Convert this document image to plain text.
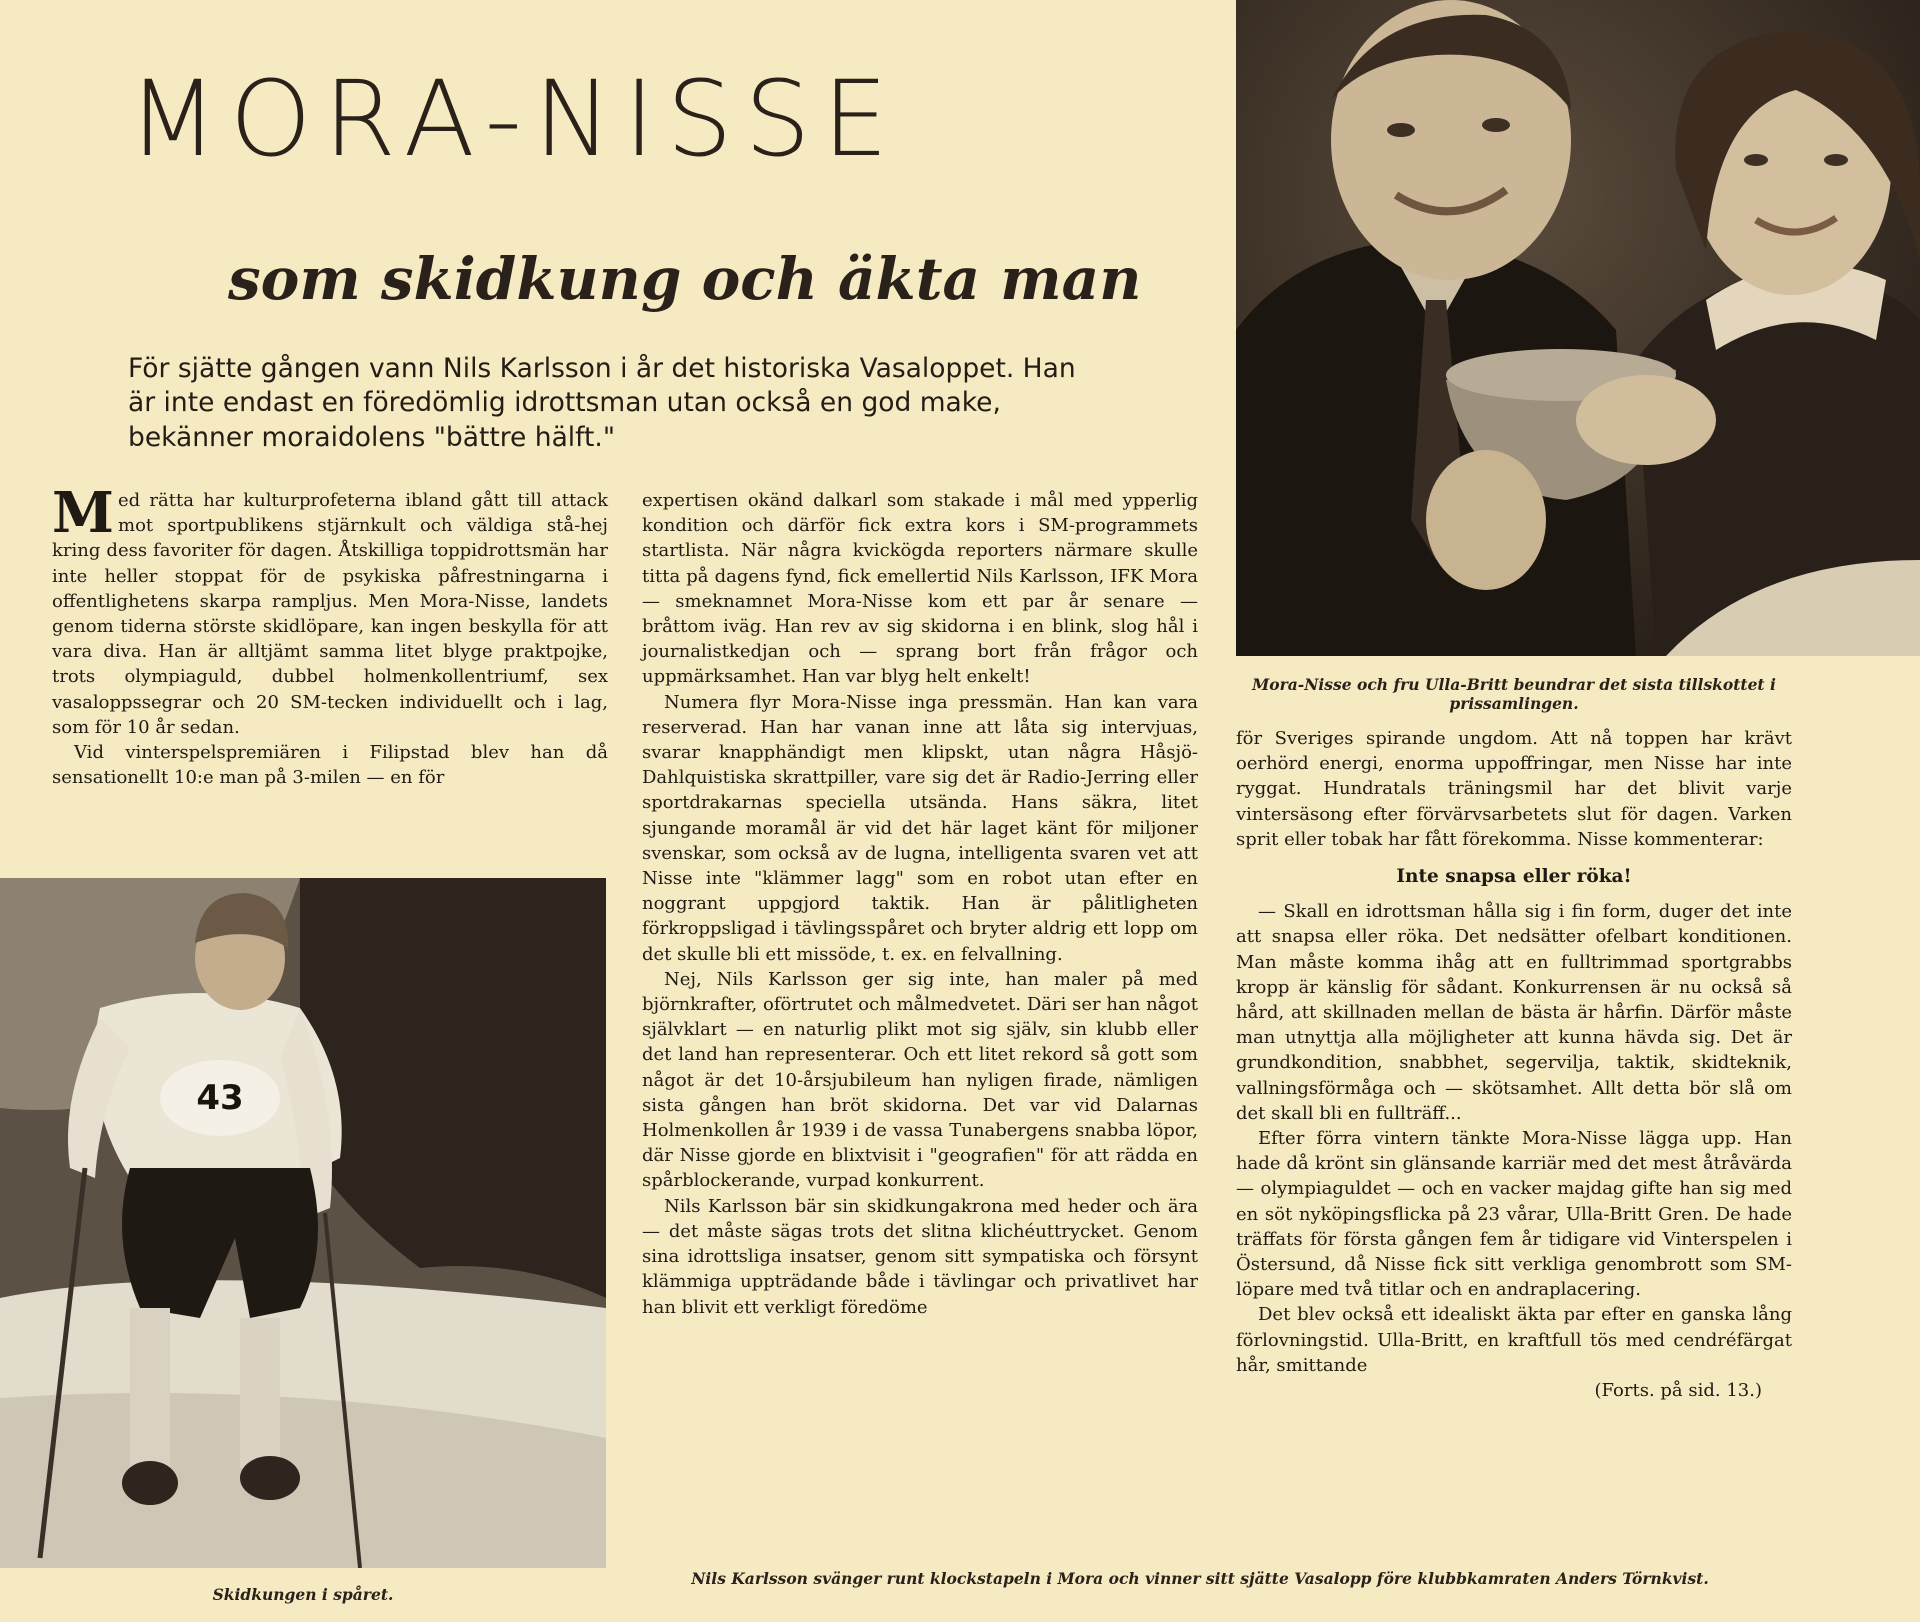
MORA-NISSE
som skidkung och äkta man
För sjätte gången vann Nils Karlsson i år det historiska Vasaloppet. Han är inte endast en föredömlig idrottsman utan också en god make, bekänner moraidolens "bättre hälft."
Mora-Nisse och fru Ulla-Britt beundrar det sista tillskottet i prissamlingen.
43
Skidkungen i spåret.

Med rätta har kulturprofeterna ibland gått till attack mot sportpublikens stjärnkult och väldiga stå-hej kring dess favoriter för dagen. Åtskilliga toppidrottsmän har inte heller stoppat för de psykiska påfrestningarna i offentlighetens skarpa rampljus. Men Mora-Nisse, landets genom tiderna störste skidlöpare, kan ingen beskylla för att vara diva. Han är alltjämt samma litet blyge praktpojke, trots olympiaguld, dubbel holmenkollentriumf, sex vasaloppssegrar och 20 SM-tecken individuellt och i lag, som för 10 år sedan.

Vid vinterspelspremiären i Filipstad blev han då sensationellt 10:e man på 3-milen — en för

expertisen okänd dalkarl som stakade i mål med ypperlig kondition och därför fick extra kors i SM-programmets startlista. När några kvickögda reporters närmare skulle titta på dagens fynd, fick emellertid Nils Karlsson, IFK Mora — smeknamnet Mora-Nisse kom ett par år senare — bråttom iväg. Han rev av sig skidorna i en blink, slog hål i journalistkedjan och — sprang bort från frågor och uppmärksamhet. Han var blyg helt enkelt!

Numera flyr Mora-Nisse inga pressmän. Han kan vara reserverad. Han har vanan inne att låta sig intervjuas, svarar knapphändigt men klipskt, utan några Håsjö-Dahlquistiska skrattpiller, vare sig det är Radio-Jerring eller sportdrakarnas speciella utsända. Hans säkra, litet sjungande moramål är vid det här laget känt för miljoner svenskar, som också av de lugna, intelligenta svaren vet att Nisse inte "klämmer lagg" som en robot utan efter en noggrant uppgjord taktik. Han är pålitligheten förkroppsligad i tävlingsspåret och bryter aldrig ett lopp om det skulle bli ett missöde, t. ex. en felvallning.

Nej, Nils Karlsson ger sig inte, han maler på med björnkrafter, oförtrutet och målmedvetet. Däri ser han något självklart — en naturlig plikt mot sig själv, sin klubb eller det land han representerar. Och ett litet rekord så gott som något är det 10-årsjubileum han nyligen firade, nämligen sista gången han bröt skidorna. Det var vid Dalarnas Holmenkollen år 1939 i de vassa Tunabergens snabba löpor, där Nisse gjorde en blixtvisit i "geografien" för att rädda en spårblockerande, vurpad konkurrent.

Nils Karlsson bär sin skidkungakrona med heder och ära — det måste sägas trots det slitna klichéuttrycket. Genom sina idrottsliga insatser, genom sitt sympatiska och försynt klämmiga uppträdande både i tävlingar och privatlivet har han blivit ett verkligt föredöme

för Sveriges spirande ungdom. Att nå toppen har krävt oerhörd energi, enorma uppoffringar, men Nisse har inte ryggat. Hundratals träningsmil har det blivit varje vintersäsong efter förvärvsarbetets slut för dagen. Varken sprit eller tobak har fått förekomma. Nisse kommenterar:

Inte snapsa eller röka!

— Skall en idrottsman hålla sig i fin form, duger det inte att snapsa eller röka. Det nedsätter ofelbart konditionen. Man måste komma ihåg att en fulltrimmad sportgrabbs kropp är känslig för sådant. Konkurrensen är nu också så hård, att skillnaden mellan de bästa är hårfin. Därför måste man utnyttja alla möjligheter att kunna hävda sig. Det är grundkondition, snabbhet, segervilja, taktik, skidteknik, vallningsförmåga och — skötsamhet. Allt detta bör slå om det skall bli en fullträff...

Efter förra vintern tänkte Mora-Nisse lägga upp. Han hade då krönt sin glänsande karriär med det mest åtråvärda — olympiaguldet — och en vacker majdag gifte han sig med en söt nyköpingsflicka på 23 vårar, Ulla-Britt Gren. De hade träffats för första gången fem år tidigare vid Vinterspelen i Östersund, då Nisse fick sitt verkliga genombrott som SM-löpare med två titlar och en andraplacering.

Det blev också ett idealiskt äkta par efter en ganska lång förlovningstid. Ulla-Britt, en kraftfull tös med cendréfärgat hår, smittande

(Forts. på sid. 13.)
Nils Karlsson svänger runt klockstapeln i Mora och vinner sitt sjätte Vasalopp före klubbkamraten Anders Törnkvist.
